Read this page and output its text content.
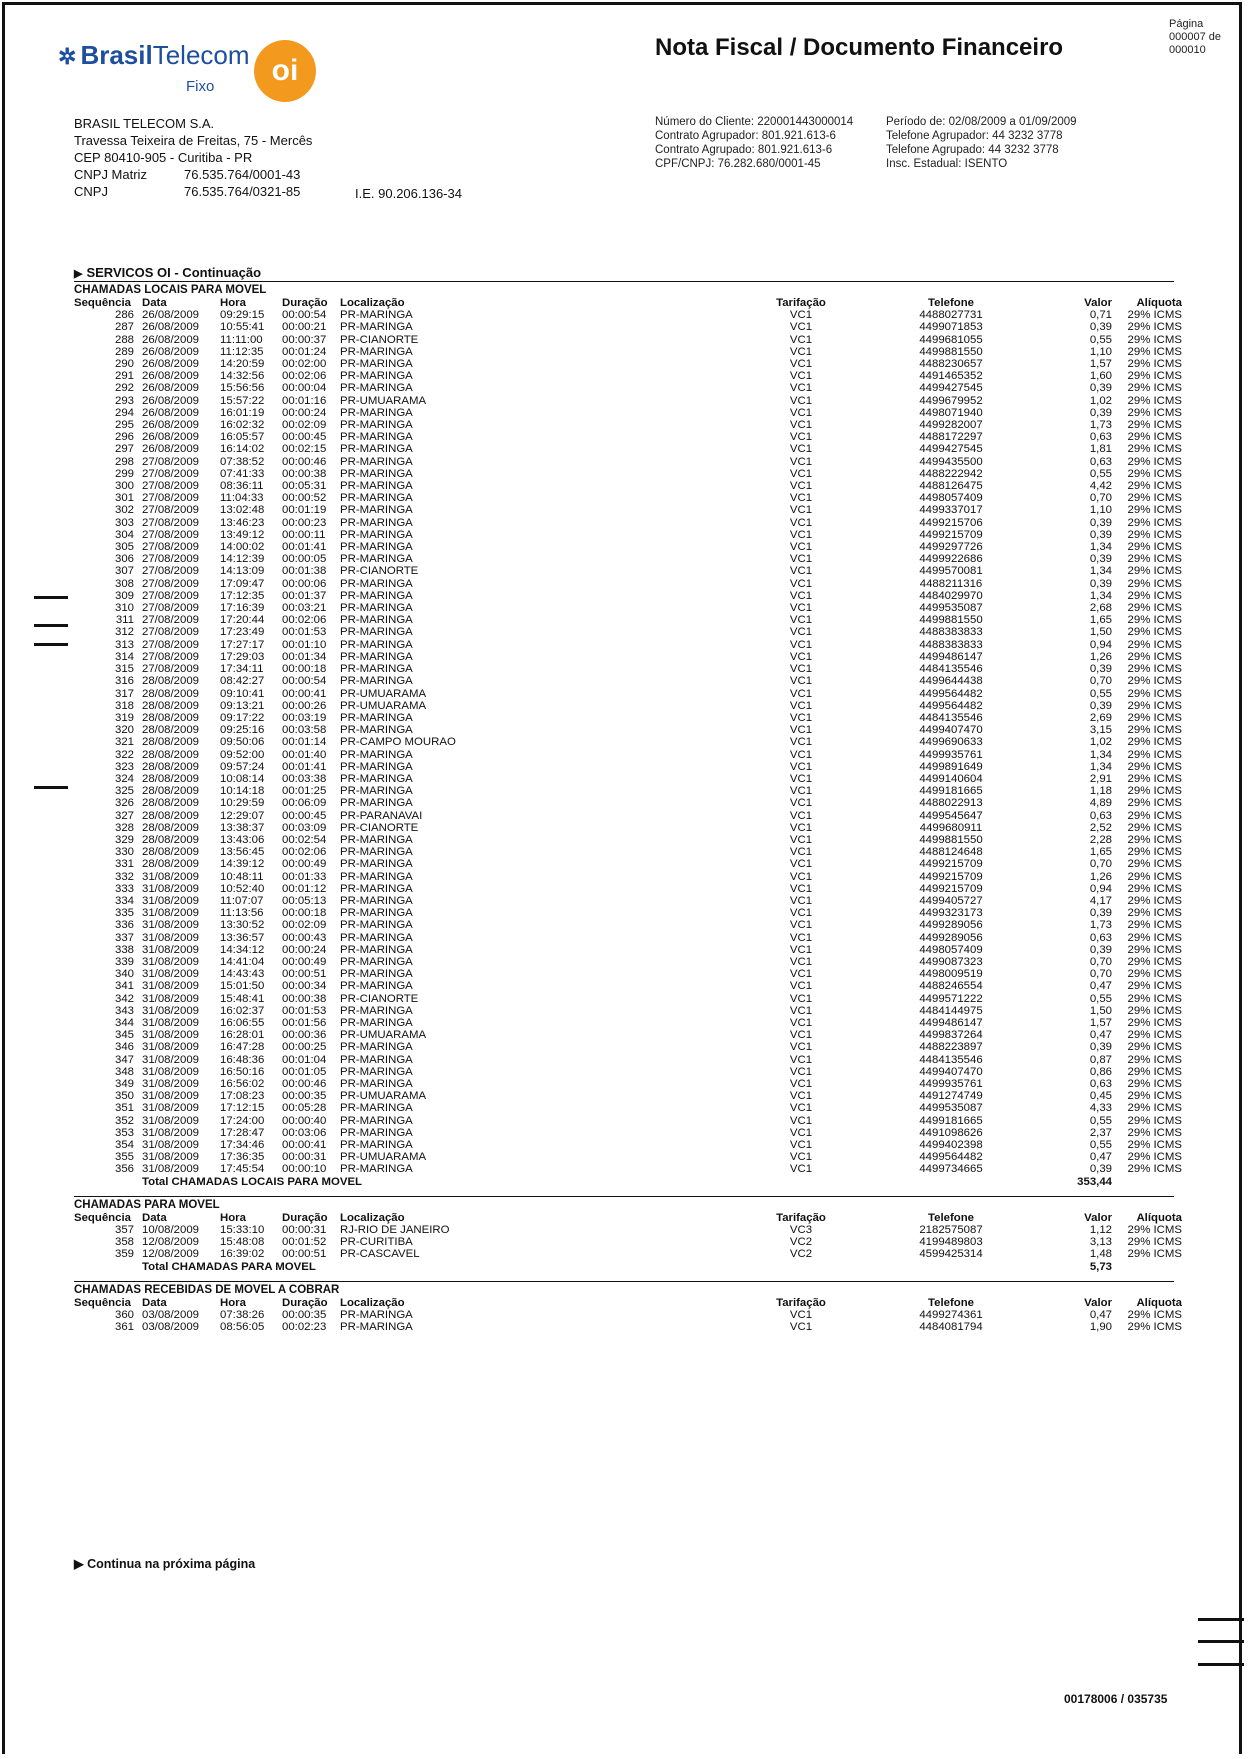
✲ BrasilTelecom
Fixo	oi
Nota Fiscal / Documento Financeiro
Página
000007 de
000010
BRASIL TELECOM S.A.
Travessa Teixeira de Freitas, 75 - Mercês
CEP 80410-905 - Curitiba - PR
CNPJ Matriz	76.535.764/0001-43
CNPJ	76.535.764/0321-85	I.E. 90.206.136-34
Número do Cliente: 220001443000014
Contrato Agrupador: 801.921.613-6
Contrato Agrupado: 801.921.613-6
CPF/CNPJ: 76.282.680/0001-45
Período de: 02/08/2009 a 01/09/2009
Telefone Agrupador: 44 3232 3778
Telefone Agrupado: 44 3232 3778
Insc. Estadual: ISENTO
▶ SERVICOS OI - Continuação
CHAMADAS LOCAIS PARA MOVEL
Sequência	Data	Hora	Duração	Localização	Tarifação	Telefone	Valor	Alíquota
286	26/08/2009	09:29:15	00:00:54	PR-MARINGA	VC1	4488027731	0,71	29% ICMS
287	26/08/2009	10:55:41	00:00:21	PR-MARINGA	VC1	4499071853	0,39	29% ICMS
288	26/08/2009	11:11:00	00:00:37	PR-CIANORTE	VC1	4499681055	0,55	29% ICMS
289	26/08/2009	11:12:35	00:01:24	PR-MARINGA	VC1	4499881550	1,10	29% ICMS
290	26/08/2009	14:20:59	00:02:00	PR-MARINGA	VC1	4488230657	1,57	29% ICMS
291	26/08/2009	14:32:56	00:02:06	PR-MARINGA	VC1	4491465352	1,60	29% ICMS
292	26/08/2009	15:56:56	00:00:04	PR-MARINGA	VC1	4499427545	0,39	29% ICMS
293	26/08/2009	15:57:22	00:01:16	PR-UMUARAMA	VC1	4499679952	1,02	29% ICMS
294	26/08/2009	16:01:19	00:00:24	PR-MARINGA	VC1	4498071940	0,39	29% ICMS
295	26/08/2009	16:02:32	00:02:09	PR-MARINGA	VC1	4499282007	1,73	29% ICMS
296	26/08/2009	16:05:57	00:00:45	PR-MARINGA	VC1	4488172297	0,63	29% ICMS
297	26/08/2009	16:14:02	00:02:15	PR-MARINGA	VC1	4499427545	1,81	29% ICMS
298	27/08/2009	07:38:52	00:00:46	PR-MARINGA	VC1	4499435500	0,63	29% ICMS
299	27/08/2009	07:41:33	00:00:38	PR-MARINGA	VC1	4488222942	0,55	29% ICMS
300	27/08/2009	08:36:11	00:05:31	PR-MARINGA	VC1	4488126475	4,42	29% ICMS
301	27/08/2009	11:04:33	00:00:52	PR-MARINGA	VC1	4498057409	0,70	29% ICMS
302	27/08/2009	13:02:48	00:01:19	PR-MARINGA	VC1	4499337017	1,10	29% ICMS
303	27/08/2009	13:46:23	00:00:23	PR-MARINGA	VC1	4499215706	0,39	29% ICMS
304	27/08/2009	13:49:12	00:00:11	PR-MARINGA	VC1	4499215709	0,39	29% ICMS
305	27/08/2009	14:00:02	00:01:41	PR-MARINGA	VC1	4499297726	1,34	29% ICMS
306	27/08/2009	14:12:39	00:00:05	PR-MARINGA	VC1	4499922686	0,39	29% ICMS
307	27/08/2009	14:13:09	00:01:38	PR-CIANORTE	VC1	4499570081	1,34	29% ICMS
308	27/08/2009	17:09:47	00:00:06	PR-MARINGA	VC1	4488211316	0,39	29% ICMS
309	27/08/2009	17:12:35	00:01:37	PR-MARINGA	VC1	4484029970	1,34	29% ICMS
310	27/08/2009	17:16:39	00:03:21	PR-MARINGA	VC1	4499535087	2,68	29% ICMS
311	27/08/2009	17:20:44	00:02:06	PR-MARINGA	VC1	4499881550	1,65	29% ICMS
312	27/08/2009	17:23:49	00:01:53	PR-MARINGA	VC1	4488383833	1,50	29% ICMS
313	27/08/2009	17:27:17	00:01:10	PR-MARINGA	VC1	4488383833	0,94	29% ICMS
314	27/08/2009	17:29:03	00:01:34	PR-MARINGA	VC1	4499486147	1,26	29% ICMS
315	27/08/2009	17:34:11	00:00:18	PR-MARINGA	VC1	4484135546	0,39	29% ICMS
316	28/08/2009	08:42:27	00:00:54	PR-MARINGA	VC1	4499644438	0,70	29% ICMS
317	28/08/2009	09:10:41	00:00:41	PR-UMUARAMA	VC1	4499564482	0,55	29% ICMS
318	28/08/2009	09:13:21	00:00:26	PR-UMUARAMA	VC1	4499564482	0,39	29% ICMS
319	28/08/2009	09:17:22	00:03:19	PR-MARINGA	VC1	4484135546	2,69	29% ICMS
320	28/08/2009	09:25:16	00:03:58	PR-MARINGA	VC1	4499407470	3,15	29% ICMS
321	28/08/2009	09:50:06	00:01:14	PR-CAMPO MOURAO	VC1	4499690633	1,02	29% ICMS
322	28/08/2009	09:52:00	00:01:40	PR-MARINGA	VC1	4499935761	1,34	29% ICMS
323	28/08/2009	09:57:24	00:01:41	PR-MARINGA	VC1	4499891649	1,34	29% ICMS
324	28/08/2009	10:08:14	00:03:38	PR-MARINGA	VC1	4499140604	2,91	29% ICMS
325	28/08/2009	10:14:18	00:01:25	PR-MARINGA	VC1	4499181665	1,18	29% ICMS
326	28/08/2009	10:29:59	00:06:09	PR-MARINGA	VC1	4488022913	4,89	29% ICMS
327	28/08/2009	12:29:07	00:00:45	PR-PARANAVAI	VC1	4499545647	0,63	29% ICMS
328	28/08/2009	13:38:37	00:03:09	PR-CIANORTE	VC1	4499680911	2,52	29% ICMS
329	28/08/2009	13:43:06	00:02:54	PR-MARINGA	VC1	4499881550	2,28	29% ICMS
330	28/08/2009	13:56:45	00:02:06	PR-MARINGA	VC1	4488124648	1,65	29% ICMS
331	28/08/2009	14:39:12	00:00:49	PR-MARINGA	VC1	4499215709	0,70	29% ICMS
332	31/08/2009	10:48:11	00:01:33	PR-MARINGA	VC1	4499215709	1,26	29% ICMS
333	31/08/2009	10:52:40	00:01:12	PR-MARINGA	VC1	4499215709	0,94	29% ICMS
334	31/08/2009	11:07:07	00:05:13	PR-MARINGA	VC1	4499405727	4,17	29% ICMS
335	31/08/2009	11:13:56	00:00:18	PR-MARINGA	VC1	4499323173	0,39	29% ICMS
336	31/08/2009	13:30:52	00:02:09	PR-MARINGA	VC1	4499289056	1,73	29% ICMS
337	31/08/2009	13:36:57	00:00:43	PR-MARINGA	VC1	4499289056	0,63	29% ICMS
338	31/08/2009	14:34:12	00:00:24	PR-MARINGA	VC1	4498057409	0,39	29% ICMS
339	31/08/2009	14:41:04	00:00:49	PR-MARINGA	VC1	4499087323	0,70	29% ICMS
340	31/08/2009	14:43:43	00:00:51	PR-MARINGA	VC1	4498009519	0,70	29% ICMS
341	31/08/2009	15:01:50	00:00:34	PR-MARINGA	VC1	4488246554	0,47	29% ICMS
342	31/08/2009	15:48:41	00:00:38	PR-CIANORTE	VC1	4499571222	0,55	29% ICMS
343	31/08/2009	16:02:37	00:01:53	PR-MARINGA	VC1	4484144975	1,50	29% ICMS
344	31/08/2009	16:06:55	00:01:56	PR-MARINGA	VC1	4499486147	1,57	29% ICMS
345	31/08/2009	16:28:01	00:00:36	PR-UMUARAMA	VC1	4499837264	0,47	29% ICMS
346	31/08/2009	16:47:28	00:00:25	PR-MARINGA	VC1	4488223897	0,39	29% ICMS
347	31/08/2009	16:48:36	00:01:04	PR-MARINGA	VC1	4484135546	0,87	29% ICMS
348	31/08/2009	16:50:16	00:01:05	PR-MARINGA	VC1	4499407470	0,86	29% ICMS
349	31/08/2009	16:56:02	00:00:46	PR-MARINGA	VC1	4499935761	0,63	29% ICMS
350	31/08/2009	17:08:23	00:00:35	PR-UMUARAMA	VC1	4491274749	0,45	29% ICMS
351	31/08/2009	17:12:15	00:05:28	PR-MARINGA	VC1	4499535087	4,33	29% ICMS
352	31/08/2009	17:24:00	00:00:40	PR-MARINGA	VC1	4499181665	0,55	29% ICMS
353	31/08/2009	17:28:47	00:03:06	PR-MARINGA	VC1	4491098626	2,37	29% ICMS
354	31/08/2009	17:34:46	00:00:41	PR-MARINGA	VC1	4499402398	0,55	29% ICMS
355	31/08/2009	17:36:35	00:00:31	PR-UMUARAMA	VC1	4499564482	0,47	29% ICMS
356	31/08/2009	17:45:54	00:00:10	PR-MARINGA	VC1	4499734665	0,39	29% ICMS
	Total CHAMADAS LOCAIS PARA MOVEL						353,44	
CHAMADAS PARA MOVEL
Sequência	Data	Hora	Duração	Localização	Tarifação	Telefone	Valor	Alíquota
357	10/08/2009	15:33:10	00:00:31	RJ-RIO DE JANEIRO	VC3	2182575087	1,12	29% ICMS
358	12/08/2009	15:48:08	00:01:52	PR-CURITIBA	VC2	4199489803	3,13	29% ICMS
359	12/08/2009	16:39:02	00:00:51	PR-CASCAVEL	VC2	4599425314	1,48	29% ICMS
	Total CHAMADAS PARA MOVEL						5,73	
CHAMADAS RECEBIDAS DE MOVEL A COBRAR
Sequência	Data	Hora	Duração	Localização	Tarifação	Telefone	Valor	Alíquota
360	03/08/2009	07:38:26	00:00:35	PR-MARINGA	VC1	4499274361	0,47	29% ICMS
361	03/08/2009	08:56:05	00:02:23	PR-MARINGA	VC1	4484081794	1,90	29% ICMS
▶ Continua na próxima página
00178006 / 035735
